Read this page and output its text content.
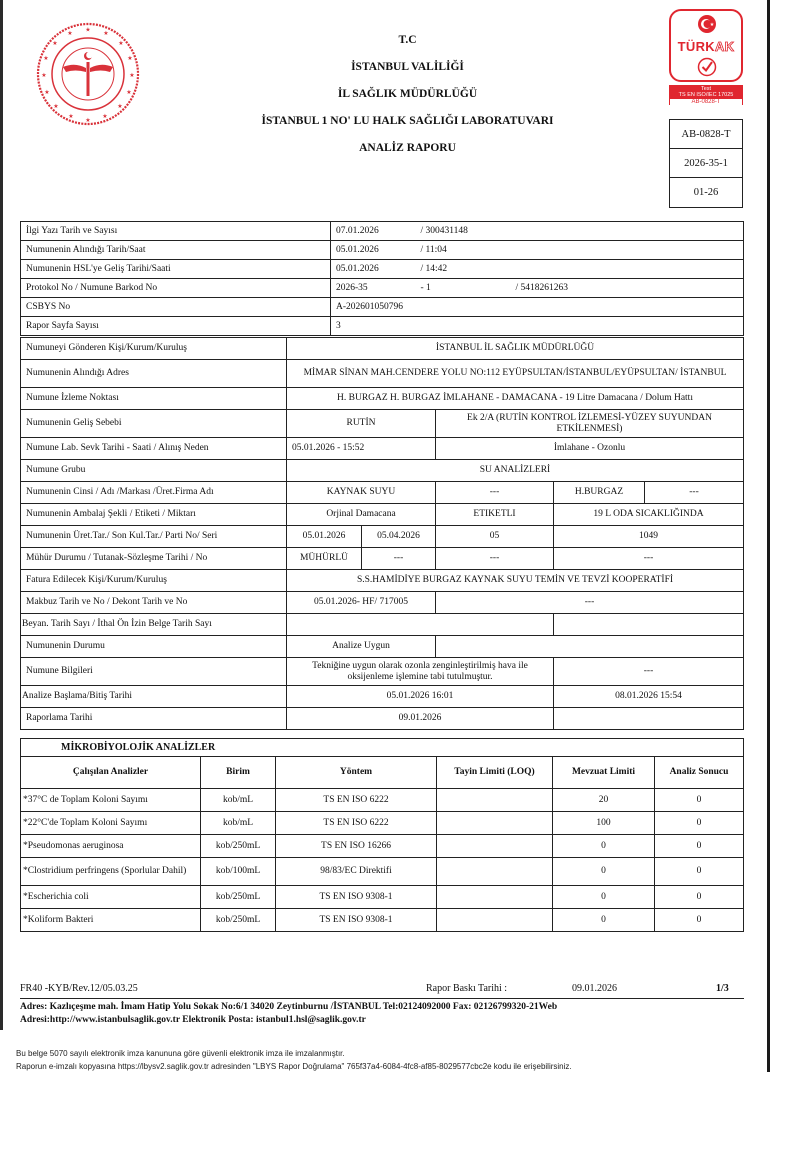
★
★	★
★	★
★	★
★	★
★	★
★	★
★	★
★
T.C
İSTANBUL VALİLİĞİ
İL SAĞLIK MÜDÜRLÜĞÜ
İSTANBUL 1 NO' LU HALK SAĞLIĞI LABORATUVARI
ANALİZ RAPORU
★
TÜRKAK
Test
TS EN ISO/IEC 17025
AB-0828-T
AB-0828-T
2026-35-1
01-26
İlgi Yazı Tarih ve Sayısı	07.01.2026	/ 300431148	
Numunenin Alındığı Tarih/Saat	05.01.2026	/ 11:04	
Numunenin HSL'ye Geliş Tarihi/Saati	05.01.2026	/ 14:42	
Protokol No / Numune Barkod No	2026-35	- 1	/ 5418261263
CSBYS No	A-202601050796		
Rapor Sayfa Sayısı	3		
Numuneyi Gönderen Kişi/Kurum/Kuruluş	İSTANBUL İL SAĞLIK MÜDÜRLÜĞÜ				
Numunenin Alındığı Adres	MİMAR SİNAN MAH.CENDERE YOLU NO:112 EYÜPSULTAN/İSTANBUL/EYÜPSULTAN/ İSTANBUL				
Numune İzleme Noktası	H. BURGAZ H. BURGAZ İMLAHANE - DAMACANA - 19 Litre Damacana / Dolum Hattı				
Numunenin Geliş Sebebi	RUTİN		Ek 2/A (RUTİN KONTROL İZLEMESİ-YÜZEY SUYUNDAN ETKİLENMESİ)		
Numune Lab. Sevk Tarihi - Saati / Alınış Neden	05.01.2026 - 15:52		İmlahane - Ozonlu		
Numune Grubu	SU ANALİZLERİ				
Numunenin Cinsi / Adı /Markası /Üret.Firma Adı	KAYNAK SUYU		---	H.BURGAZ	---
Numunenin Ambalaj Şekli / Etiketi / Miktarı	Orjinal Damacana		ETIKETLI	19 L ODA SICAKLIĞINDA	
Numunenin Üret.Tar./ Son Kul.Tar./ Parti No/ Seri	05.01.2026	05.04.2026	05	1049	
Mühür Durumu / Tutanak-Sözleşme Tarihi / No	MÜHÜRLÜ	---	---	---	
Fatura Edilecek Kişi/Kurum/Kuruluş	S.S.HAMİDİYE BURGAZ KAYNAK SUYU TEMİN VE TEVZİ KOOPERATİFİ				
Makbuz Tarih ve No / Dekont Tarih ve No	05.01.2026- HF/ 717005		---		
Beyan. Tarih Sayı / İthal Ön İzin Belge Tarih Sayı					
Numunenin Durumu	Analize Uygun				
Numune Bilgileri	Tekniğine uygun olarak ozonla zenginleştirilmiş hava ile oksijenleme işlemine tabi tutulmuştur.			---	
Analize Başlama/Bitiş Tarihi	05.01.2026 16:01			08.01.2026 15:54	
Raporlama Tarihi	09.01.2026				
MİKROBİYOLOJİK ANALİZLER					
Çalışılan Analizler	Birim	Yöntem	Tayin Limiti (LOQ)	Mevzuat Limiti	Analiz Sonucu
*37°C de Toplam Koloni Sayımı	kob/mL	TS EN ISO 6222		20	0
*22°C'de Toplam Koloni Sayımı	kob/mL	TS EN ISO 6222		100	0
*Pseudomonas aeruginosa	kob/250mL	TS EN ISO 16266		0	0
*Clostridium perfringens (Sporlular Dahil)	kob/100mL	98/83/EC Direktifi		0	0
*Escherichia coli	kob/250mL	TS EN ISO 9308-1		0	0
*Koliform Bakteri	kob/250mL	TS EN ISO 9308-1		0	0
FR40 -KYB/Rev.12/05.03.25	Rapor Baskı Tarihi :	09.01.2026	1/3
Adres: Kazlıçeşme mah. İmam Hatip Yolu Sokak No:6/1 34020 Zeytinburnu /İSTANBUL Tel:02124092000 Fax: 02126799320-21Web
Adresi:http://www.istanbulsaglik.gov.tr Elektronik Posta: istanbul1.hsl@saglik.gov.tr
Bu belge 5070 sayılı elektronik imza kanununa göre güvenli elektronik imza ile imzalanmıştır.
Raporun e-imzalı kopyasına https://lbysv2.saglik.gov.tr adresinden "LBYS Rapor Doğrulama" 765f37a4-6084-4fc8-af85-8029577cbc2e kodu ile erişebilirsiniz.
